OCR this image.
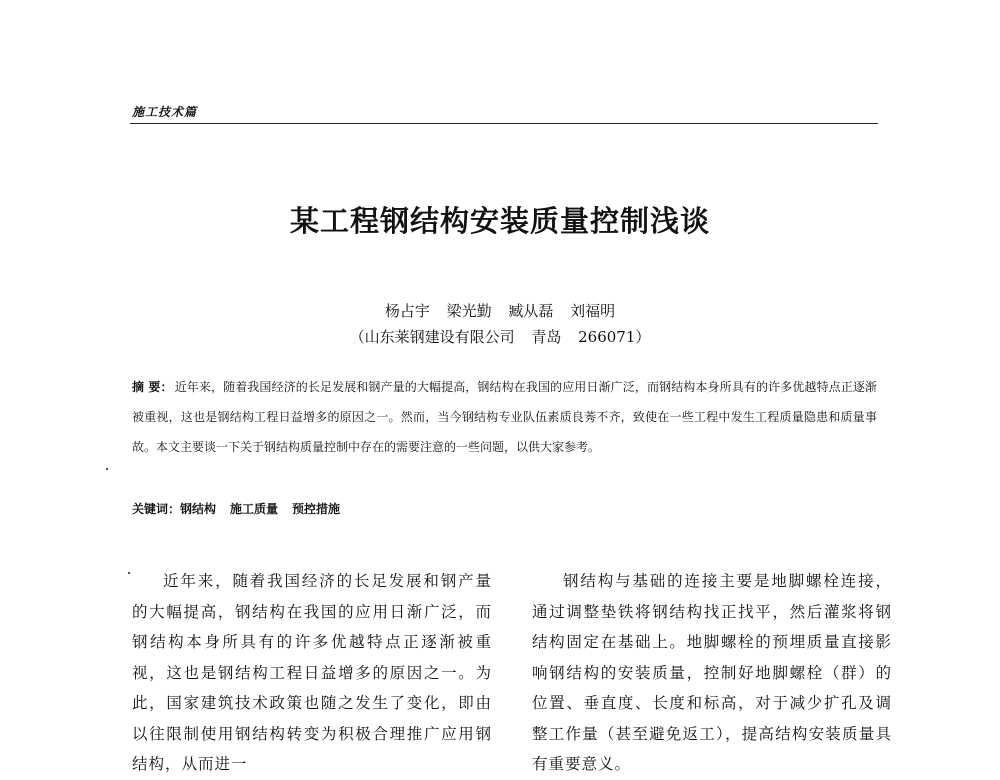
施工技术篇
某工程钢结构安装质量控制浅谈
杨占宇 梁光勤 臧从磊 刘福明
（山东莱钢建设有限公司 青岛 266071）
摘 要： 近年来，随着我国经济的长足发展和钢产量的大幅提高，钢结构在我国的应用日渐广泛，而钢结构本身所具有的许多优越特点正逐渐被重视，这也是钢结构工程日益增多的原因之一。然而，当今钢结构专业队伍素质良莠不齐，致使在一些工程中发生工程质量隐患和质量事故。本文主要谈一下关于钢结构质量控制中存在的需要注意的一些问题，以供大家参考。
关键词：钢结构 施工质量 预控措施
近年来，随着我国经济的长足发展和钢产量的大幅提高，钢结构在我国的应用日渐广泛，而钢结构本身所具有的许多优越特点正逐渐被重视，这也是钢结构工程日益增多的原因之一。为此，国家建筑技术政策也随之发生了变化，即由以往限制使用钢结构转变为积极合理推广应用钢结构，从而进一
钢结构与基础的连接主要是地脚螺栓连接，通过调整垫铁将钢结构找正找平，然后灌浆将钢结构固定在基础上。地脚螺栓的预埋质量直接影响钢结构的安装质量，控制好地脚螺栓（群）的位置、垂直度、长度和标高，对于减少扩孔及调整工作量（甚至避免返工），提高结构安装质量具有重要意义。
